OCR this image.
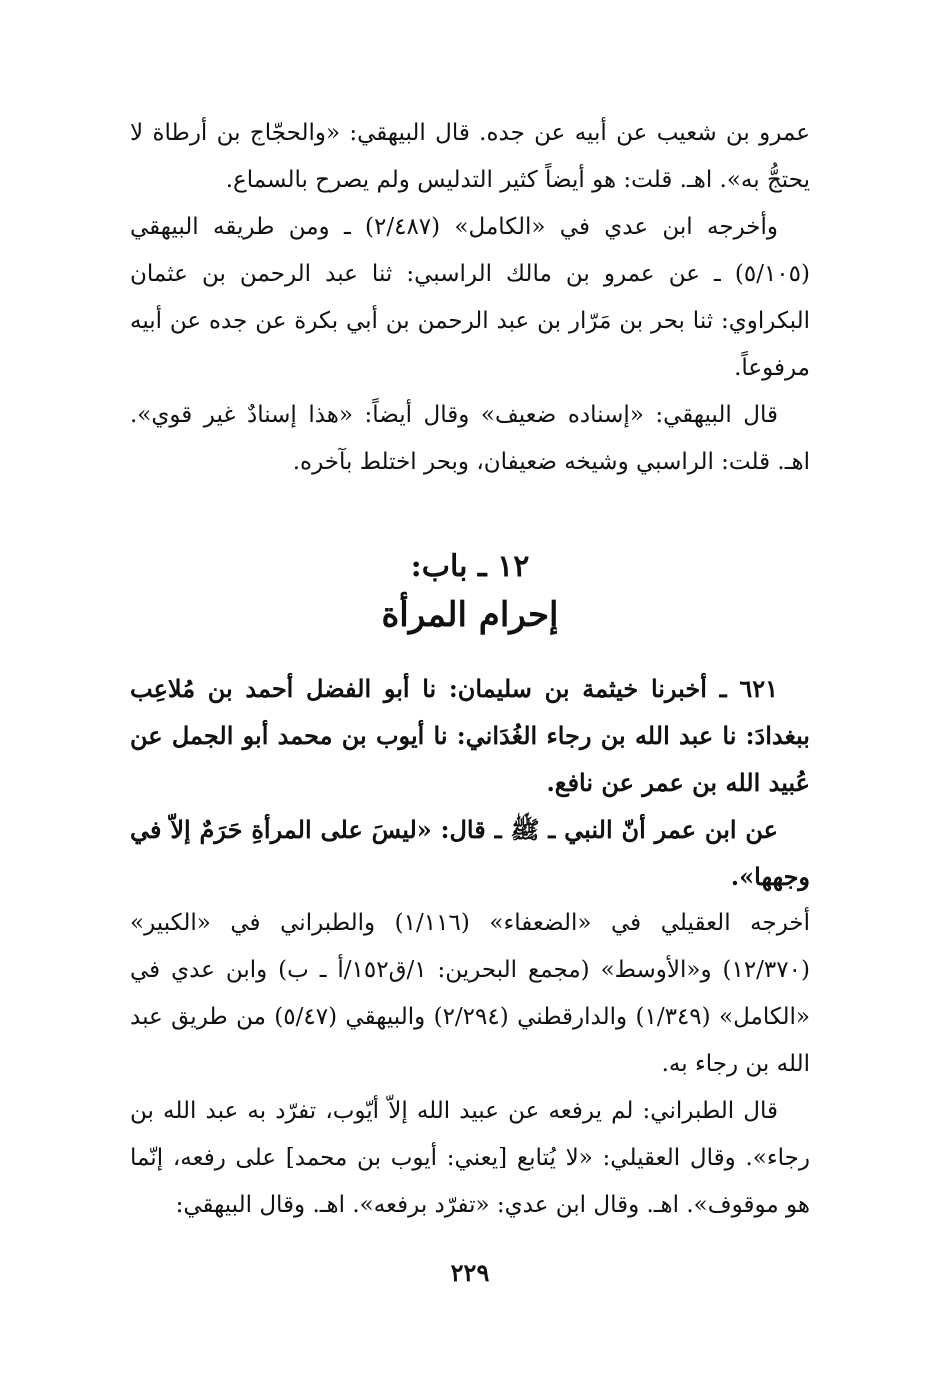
عمرو بن شعيب عن أبيه عن جده. قال البيهقي: «والحجّاج بن أرطاة لا يحتجُّ به». اهـ. قلت: هو أيضاً كثير التدليس ولم يصرح بالسماع.

وأخرجه ابن عدي في «الكامل» (٢/٤٨٧) ـ ومن طريقه البيهقي (٥/١٠٥) ـ عن عمرو بن مالك الراسبي: ثنا عبد الرحمن بن عثمان البكراوي: ثنا بحر بن مَرّار بن عبد الرحمن بن أبي بكرة عن جده عن أبيه مرفوعاً.

قال البيهقي: «إسناده ضعيف» وقال أيضاً: «هذا إسنادٌ غير قوي». اهـ. قلت: الراسبي وشيخه ضعيفان، وبحر اختلط بآخره.

١٢ ـ باب:

إحرام المرأة

٦٢١ ـ أخبرنا خيثمة بن سليمان: نا أبو الفضل أحمد بن مُلاعِب ببغدادَ: نا عبد الله بن رجاء الغُدَاني: نا أيوب بن محمد أبو الجمل عن عُبيد الله بن عمر عن نافع.

عن ابن عمر أنّ النبي ـ ﷺ ـ قال: «ليسَ على المرأةِ حَرَمٌ إلاّ في وجهها».

أخرجه العقيلي في «الضعفاء» (١/١١٦) والطبراني في «الكبير» (١٢/٣٧٠) و«الأوسط» (مجمع البحرين: ١/ق١٥٢/أ ـ ب) وابن عدي في «الكامل» (١/٣٤٩) والدارقطني (٢/٢٩٤) والبيهقي (٥/٤٧) من طريق عبد الله بن رجاء به.

قال الطبراني: لم يرفعه عن عبيد الله إلاّ أيّوب، تفرّد به عبد الله بن رجاء». وقال العقيلي: «لا يُتابع [يعني: أيوب بن محمد] على رفعه، إنّما هو موقوف». اهـ. وقال ابن عدي: «تفرّد برفعه». اهـ. وقال البيهقي:

٢٢٩
